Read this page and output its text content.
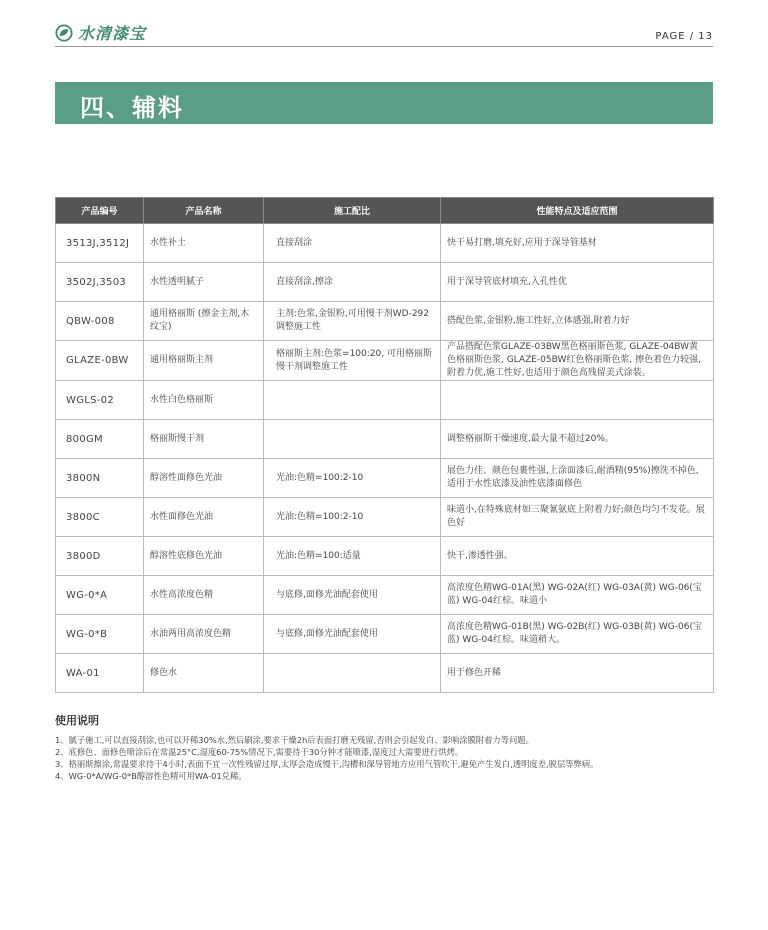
水清漆宝	PAGE / 13
四、辅料
产品编号	产品名称	施工配比	性能特点及适应范围
3513J,3512J	水性补土	直接刮涂	快干易打磨,填充好,应用于深导管基材
3502J,3503	水性透明腻子	直接刮涂,擦涂	用于深导管底材填充,入孔性优
QBW-008	通用格丽斯 (擦金主剂,木纹宝)	主剂:色浆,金银粉,可用慢干剂WD-292调整施工性	搭配色浆,金银粉,施工性好,立体感强,附着力好
GLAZE-0BW	通用格丽斯主剂	格丽斯主剂:色浆=100:20, 可用格丽斯慢干剂调整施工性	产品搭配色浆GLAZE-03BW黑色格丽斯色浆, GLAZE-04BW黄色格丽斯色浆, GLAZE-05BW红色格丽斯色浆, 擦色着色力较强,附着力优,施工性好,也适用于颜色高残留美式涂装。
WGLS-02	水性白色格丽斯		
800GM	格丽斯慢干剂		调整格丽斯干燥速度,最大量不超过20%。
3800N	醇溶性面修色光油	光油:色精=100:2-10	展色力佳、颜色包裹性强,上涂面漆后,耐酒精(95%)擦洗不掉色,适用于水性底漆及油性底漆面修色
3800C	水性面修色光油	光油:色精=100:2-10	味道小,在特殊底材如三聚氰氨底上附着力好;颜色均匀不发花。展色好
3800D	醇溶性底修色光油	光油:色精=100:适量	快干,渗透性强。
WG-0*A	水性高浓度色精	与底修,面修光油配套使用	高浓度色精WG-01A(黑) WG-02A(红) WG-03A(黄) WG-06(宝蓝) WG-04红棕。味道小
WG-0*B	水油两用高浓度色精	与底修,面修光油配套使用	高浓度色精WG-01B(黑) WG-02B(红) WG-03B(黄) WG-06(宝蓝) WG-04红棕。味道稍大。
WA-01	修色水		用于修色开稀
使用说明
1、腻子施工,可以直接刮涂,也可以开稀30%水,然后刷涂,要求干燥2h后表面打磨无残留,否则会引起发白、影响涂膜附着力等问题。
2、底修色、面修色喷涂后在常温25°C,湿度60-75%情况下,需要待干30分钟才能喷漆,湿度过大需要进行烘烤。
3、格丽斯擦涂,常温要求待干4小时,表面不宜一次性残留过厚,太厚会造成慢干,沟槽和深导管地方应用气管吹干,避免产生发白,透明度差,脱层等弊病。
4、WG-0*A/WG-0*B醇溶性色精可用WA-01兑稀。
